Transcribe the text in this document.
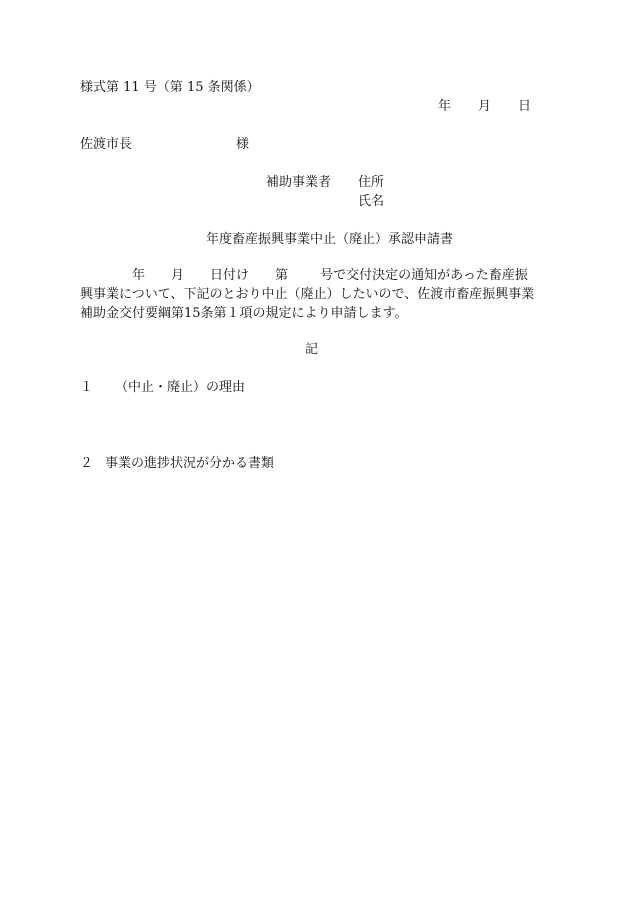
様式第 11 号（第 15 条関係）
年 月 日
佐渡市長	様
補助事業者 住所
氏名
年度畜産振興事業中止（廃止）承認申請書
年 月 日付け 第 号で交付決定の通知があった畜産振
興事業について、下記のとおり中止（廃止）したいので、佐渡市畜産振興事業
補助金交付要綱第15条第１項の規定により申請します。
記
１ （中止・廃止）の理由
２ 事業の進捗状況が分かる書類
